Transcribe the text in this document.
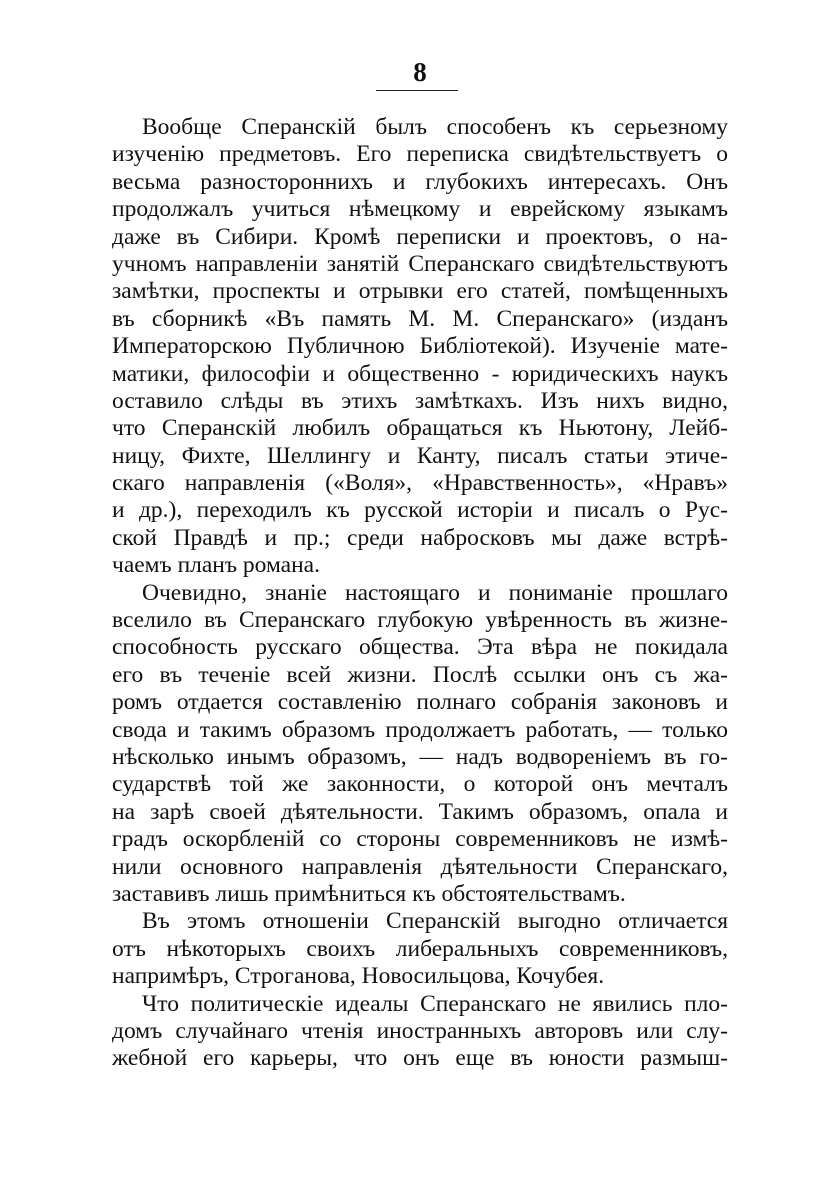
8
Вообще Сперанскій былъ способенъ къ серьезному
изученію предметовъ. Его переписка свидѣтельствуетъ о
весьма разностороннихъ и глубокихъ интересахъ. Онъ
продолжалъ учиться нѣмецкому и еврейскому языкамъ
даже въ Сибири. Кромѣ переписки и проектовъ, о на-
учномъ направленіи занятій Сперанскаго свидѣтельствуютъ
замѣтки, проспекты и отрывки его статей, помѣщенныхъ
въ сборникѣ «Въ память М. М. Сперанскаго» (изданъ
Императорскою Публичною Библіотекой). Изученіе мате-
матики, философіи и общественно - юридическихъ наукъ
оставило слѣды въ этихъ замѣткахъ. Изъ нихъ видно,
что Сперанскій любилъ обращаться къ Ньютону, Лейб-
ницу, Фихте, Шеллингу и Канту, писалъ статьи этиче-
скаго направленія («Воля», «Нравственность», «Нравъ»
и др.), переходилъ къ русской исторіи и писалъ о Рус-
ской Правдѣ и пр.; среди набросковъ мы даже встрѣ-
чаемъ планъ романа.
Очевидно, знаніе настоящаго и пониманіе прошлаго
вселило въ Сперанскаго глубокую увѣренность въ жизне-
способность русскаго общества. Эта вѣра не покидала
его въ теченіе всей жизни. Послѣ ссылки онъ съ жа-
ромъ отдается составленію полнаго собранія законовъ и
свода и такимъ образомъ продолжаетъ работать, — только
нѣсколько инымъ образомъ, — надъ водвореніемъ въ го-
сударствѣ той же законности, о которой онъ мечталъ
на зарѣ своей дѣятельности. Такимъ образомъ, опала и
градъ оскорбленій со стороны современниковъ не измѣ-
нили основного направленія дѣятельности Сперанскаго,
заставивъ лишь примѣниться къ обстоятельствамъ.
Въ этомъ отношеніи Сперанскій выгодно отличается
отъ нѣкоторыхъ своихъ либеральныхъ современниковъ,
напримѣръ, Строганова, Новосильцова, Кочубея.
Что политическіе идеалы Сперанскаго не явились пло-
домъ случайнаго чтенія иностранныхъ авторовъ или слу-
жебной его карьеры, что онъ еще въ юности размыш-
